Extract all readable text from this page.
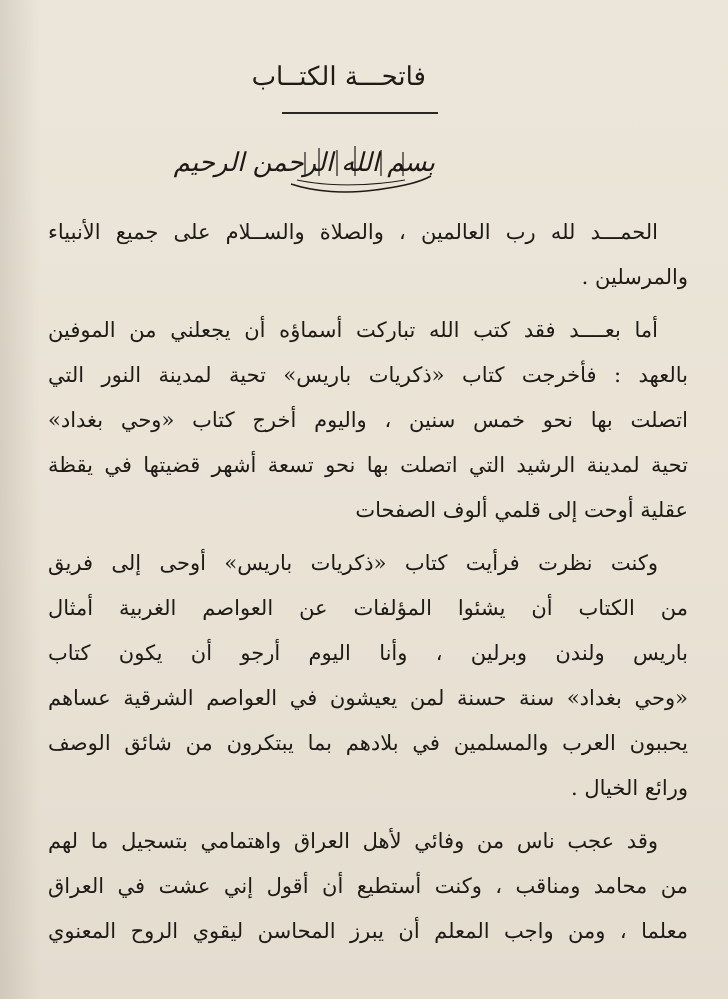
فاتحـــة الكتــاب
بسم الله الرحمن الرحيم
الحمـــد لله رب العالمين ، والصلاة والســلام على جميع الأنبياء
والمرسلين .
أما بعــــد فقد كتب الله تباركت أسماؤه أن يجعلني من الموفين
بالعهد : فأخرجت كتاب «ذكريات باريس» تحية لمدينة النور التي
اتصلت بها نحو خمس سنين ، واليوم أخرج كتاب «وحي بغداد»
تحية لمدينة الرشيد التي اتصلت بها نحو تسعة أشهر قضيتها في يقظة
عقلية أوحت إلى قلمي ألوف الصفحات
وكنت نظرت فرأيت كتاب «ذكريات باريس» أوحى إلى فريق
من الكتاب أن يشئوا المؤلفات عن العواصم الغربية أمثال
باريس ولندن وبرلين ، وأنا اليوم أرجو أن يكون كتاب
«وحي بغداد» سنة حسنة لمن يعيشون في العواصم الشرقية عساهم
يحببون العرب والمسلمين في بلادهم بما يبتكرون من شائق الوصف
ورائع الخيال .
وقد عجب ناس من وفائي لأهل العراق واهتمامي بتسجيل ما لهم
من محامد ومناقب ، وكنت أستطيع أن أقول إني عشت في العراق
معلما ، ومن واجب المعلم أن يبرز المحاسن ليقوي الروح المعنوي
